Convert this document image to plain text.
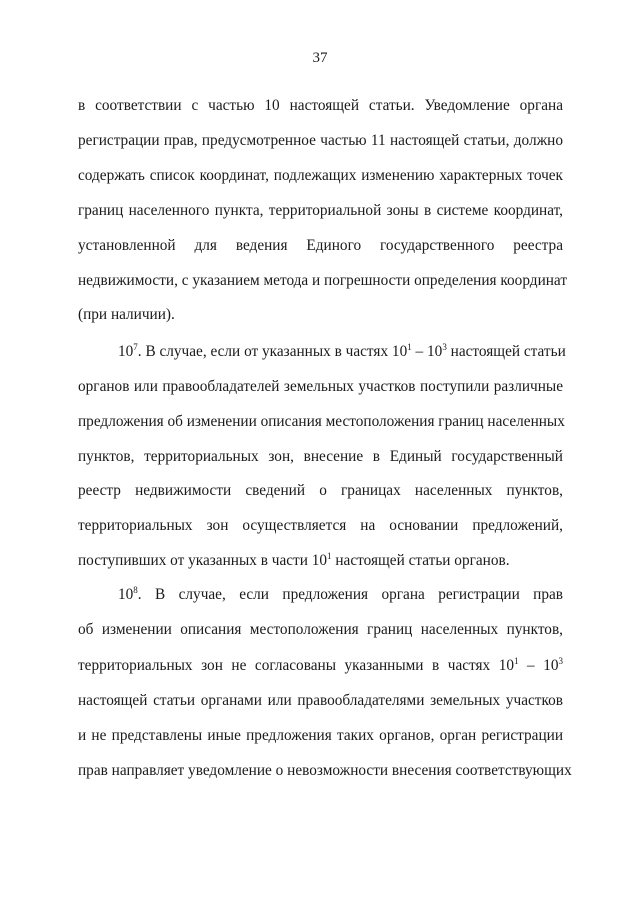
37
в соответствии с частью 10 настоящей статьи. Уведомление органа
регистрации прав, предусмотренное частью 11 настоящей статьи, должно
содержать список координат, подлежащих изменению характерных точек
границ населенного пункта, территориальной зоны в системе координат,
установленной для ведения Единого государственного реестра
недвижимости, с указанием метода и погрешности определения координат
(при наличии).
$10^7$. В случае, если от указанных в частях $10^1 - 10^3$ настоящей статьи
органов или правообладателей земельных участков поступили различные
предложения об изменении описания местоположения границ населенных
пунктов, территориальных зон, внесение в Единый государственный
реестр недвижимости сведений о границах населенных пунктов,
территориальных зон осуществляется на основании предложений,
поступивших от указанных в части $10^1$ настоящей статьи органов.
$10^8$. В случае, если предложения органа регистрации прав
об изменении описания местоположения границ населенных пунктов,
территориальных зон не согласованы указанными в частях $10^1 - 10^3$
настоящей статьи органами или правообладателями земельных участков
и не представлены иные предложения таких органов, орган регистрации
прав направляет уведомление о невозможности внесения соответствующих
